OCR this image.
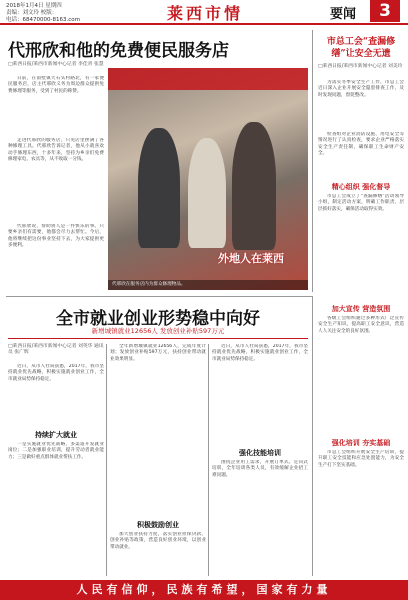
2018年1月4日 星期四
责编：刘文玲 校版：
电话：68470000-8163.com	莱西市情	要闻	3
代邢欣和他的免费便民服务店
□莱西日报/莱西市新闻中心记者 李佳青 张慧
日前，在南墅镇大石头村路北，有一家便民服务店，店主代邢欣义务为周边群众提供免费修理等服务，受到了村民的称赞。
走进代邢欣的服务店，只见店里摆满了各种修理工具。代邢欣告诉记者，他从小就喜欢动手修理东西，十多年来，坚持为乡亲们免费修理家电、农具等，从不收取一分钱。
代邢欣说，帮助别人是一件快乐的事。只要乡亲们有需要，他都会尽力去帮忙。今后，他将继续把这份事业坚持下去，为大家提供更多便利。
外地人在莱西
代邢欣在服务店内为群众修理物品。
市总工会“查漏修缮”让安全无遗
□莱西日报/莱西市新闻中心记者 刘美玲
为落实冬季安全生产工作，市总工会近日深入企业开展安全隐患排查工作，及时发现问题，督促整改。
检查组对企业消防设施、用电安全等情况进行了认真检查，要求企业严格落实安全生产责任制，确保职工生命财产安全。
精心组织 强化督导
市总工会成立了“查漏修缮”活动领导小组，制定活动方案，明确工作职责，层层抓好落实，确保活动取得实效。
加大宣传 营造氛围
各级工会组织通过多种形式广泛宣传安全生产知识，提高职工安全意识，营造人人关注安全的良好氛围。
强化培训 夯实基础
市总工会组织开展安全生产培训，提升职工安全技能和应急处置能力，为安全生产打下坚实基础。
全市就业创业形势稳中向好
新增城镇就业12656人 发放创业补贴597万元
□莱西日报/莱西市新闻中心记者 刘英华 通讯员 张广辉
近日，从市人社局获悉，2017年，我市坚持就业优先战略，积极实施就业创业工作，全市就业局势保持稳定。
持续扩大就业
一是实施就业优先战略，多渠道开发就业岗位；二是加强职业培训，提升劳动者就业能力；三是做好重点群体就业帮扶工作。
全年新增城镇就业12656人，完成年度计划；发放创业补贴597万元，扶持创业带动就业效果明显。
积极鼓励创业
加大创业扶持力度，落实创业担保贷款、创业补贴等政策，营造良好创业环境，以创业带动就业。
近日，从市人社局获悉，2017年，我市坚持就业优先战略，积极实施就业创业工作，全市就业局势保持稳定。
强化技能培训
围绕企业用工需求，开展订单式、定向式培训，全年培训各类人员，有效缓解企业招工难问题。
人民有信仰，民族有希望，国家有力量
